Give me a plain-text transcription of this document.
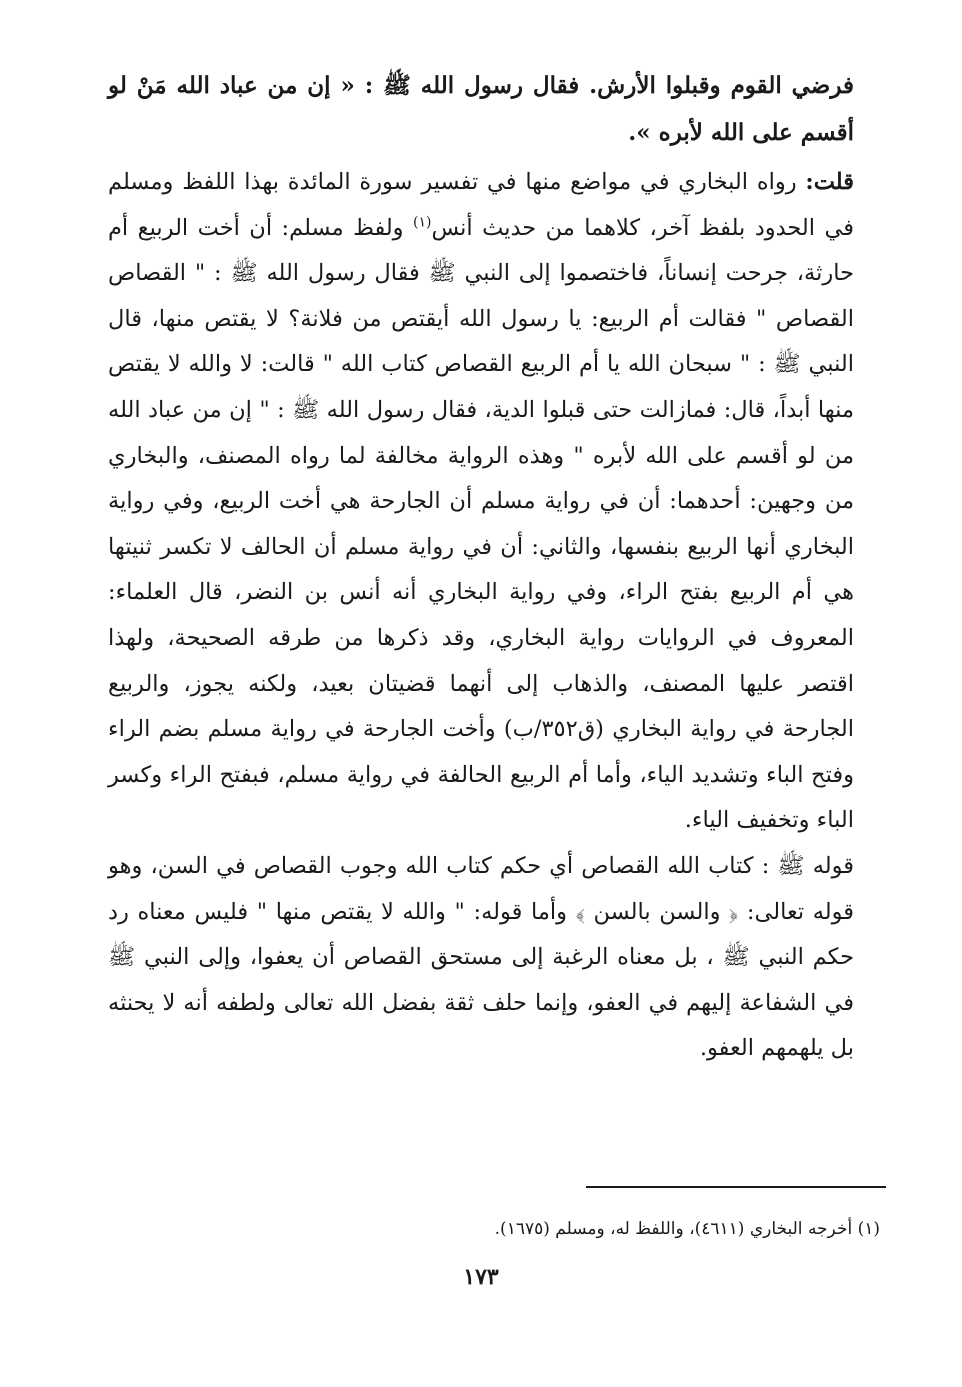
فرضي القوم وقبلوا الأرش. فقال رسول الله ﷺ : « إن من عباد الله مَنْ لو أقسم على الله لأبره ».

قلت: رواه البخاري في مواضع منها في تفسير سورة المائدة بهذا اللفظ ومسلم في الحدود بلفظ آخر، كلاهما من حديث أنس$^{(١)}$ ولفظ مسلم: أن أخت الربيع أم حارثة، جرحت إنساناً، فاختصموا إلى النبي ﷺ فقال رسول الله ﷺ : " القصاص القصاص " فقالت أم الربيع: يا رسول الله أيقتص من فلانة؟ لا يقتص منها، قال النبي ﷺ : " سبحان الله يا أم الربيع القصاص كتاب الله " قالت: لا والله لا يقتص منها أبداً، قال: فمازالت حتى قبلوا الدية، فقال رسول الله ﷺ : " إن من عباد الله من لو أقسم على الله لأبره " وهذه الرواية مخالفة لما رواه المصنف، والبخاري من وجهين: أحدهما: أن في رواية مسلم أن الجارحة هي أخت الربيع، وفي رواية البخاري أنها الربيع بنفسها، والثاني: أن في رواية مسلم أن الحالف لا تكسر ثنيتها هي أم الربيع بفتح الراء، وفي رواية البخاري أنه أنس بن النضر، قال العلماء: المعروف في الروايات رواية البخاري، وقد ذكرها من طرقه الصحيحة، ولهذا اقتصر عليها المصنف، والذهاب إلى أنهما قضيتان بعيد، ولكنه يجوز، والربيع الجارحة في رواية البخاري (ق٣٥٢/ب) وأخت الجارحة في رواية مسلم بضم الراء وفتح الباء وتشديد الياء، وأما أم الربيع الحالفة في رواية مسلم، فبفتح الراء وكسر الباء وتخفيف الياء.

قوله ﷺ : كتاب الله القصاص أي حكم كتاب الله وجوب القصاص في السن، وهو قوله تعالى: ﴿ والسن بالسن ﴾ وأما قوله: " والله لا يقتص منها " فليس معناه رد حكم النبي ﷺ ، بل معناه الرغبة إلى مستحق القصاص أن يعفوا، وإلى النبي ﷺ في الشفاعة إليهم في العفو، وإنما حلف ثقة بفضل الله تعالى ولطفه أنه لا يحنثه بل يلهمهم العفو.

(١) أخرجه البخاري (٤٦١١)، واللفظ له، ومسلم (١٦٧٥).
١٧٣
